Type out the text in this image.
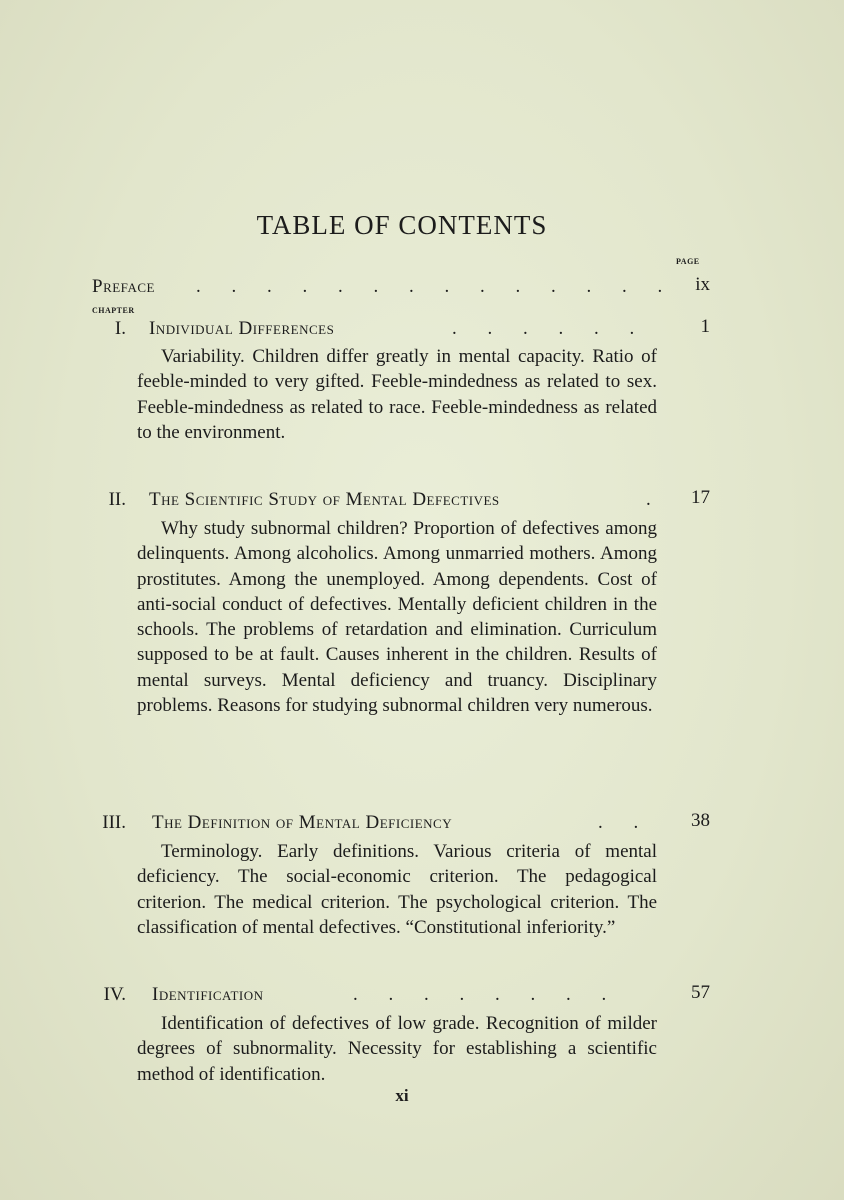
TABLE OF CONTENTS
PAGE
Preface . . . . . . . . . . . . . . ix
CHAPTER
I. Individual Differences	. . . . . .	1
Variability. Children differ greatly in mental capacity. Ratio of feeble-minded to very gifted. Feeble-mindedness as related to sex. Feeble-mindedness as related to race. Feeble-mindedness as related to the environment.
II. The Scientific Study of Mental Defectives	. 17
Why study subnormal children? Proportion of defectives among delinquents. Among alcoholics. Among unmarried mothers. Among prostitutes. Among the unemployed. Among dependents. Cost of anti-social conduct of defectives. Mentally deficient children in the schools. The problems of retardation and elimination. Curriculum supposed to be at fault. Causes inherent in the children. Results of mental surveys. Mental deficiency and truancy. Disciplinary problems. Reasons for studying subnormal children very numerous.
III. The Definition of Mental Deficiency	. . 38
Terminology. Early definitions. Various criteria of mental deficiency. The social-economic criterion. The pedagogical criterion. The medical criterion. The psychological criterion. The classification of mental defectives. “Constitutional inferiority.”
IV. Identification	. . . . . . . .	57
Identification of defectives of low grade. Recognition of milder degrees of subnormality. Necessity for establishing a scientific method of identification.
xi
